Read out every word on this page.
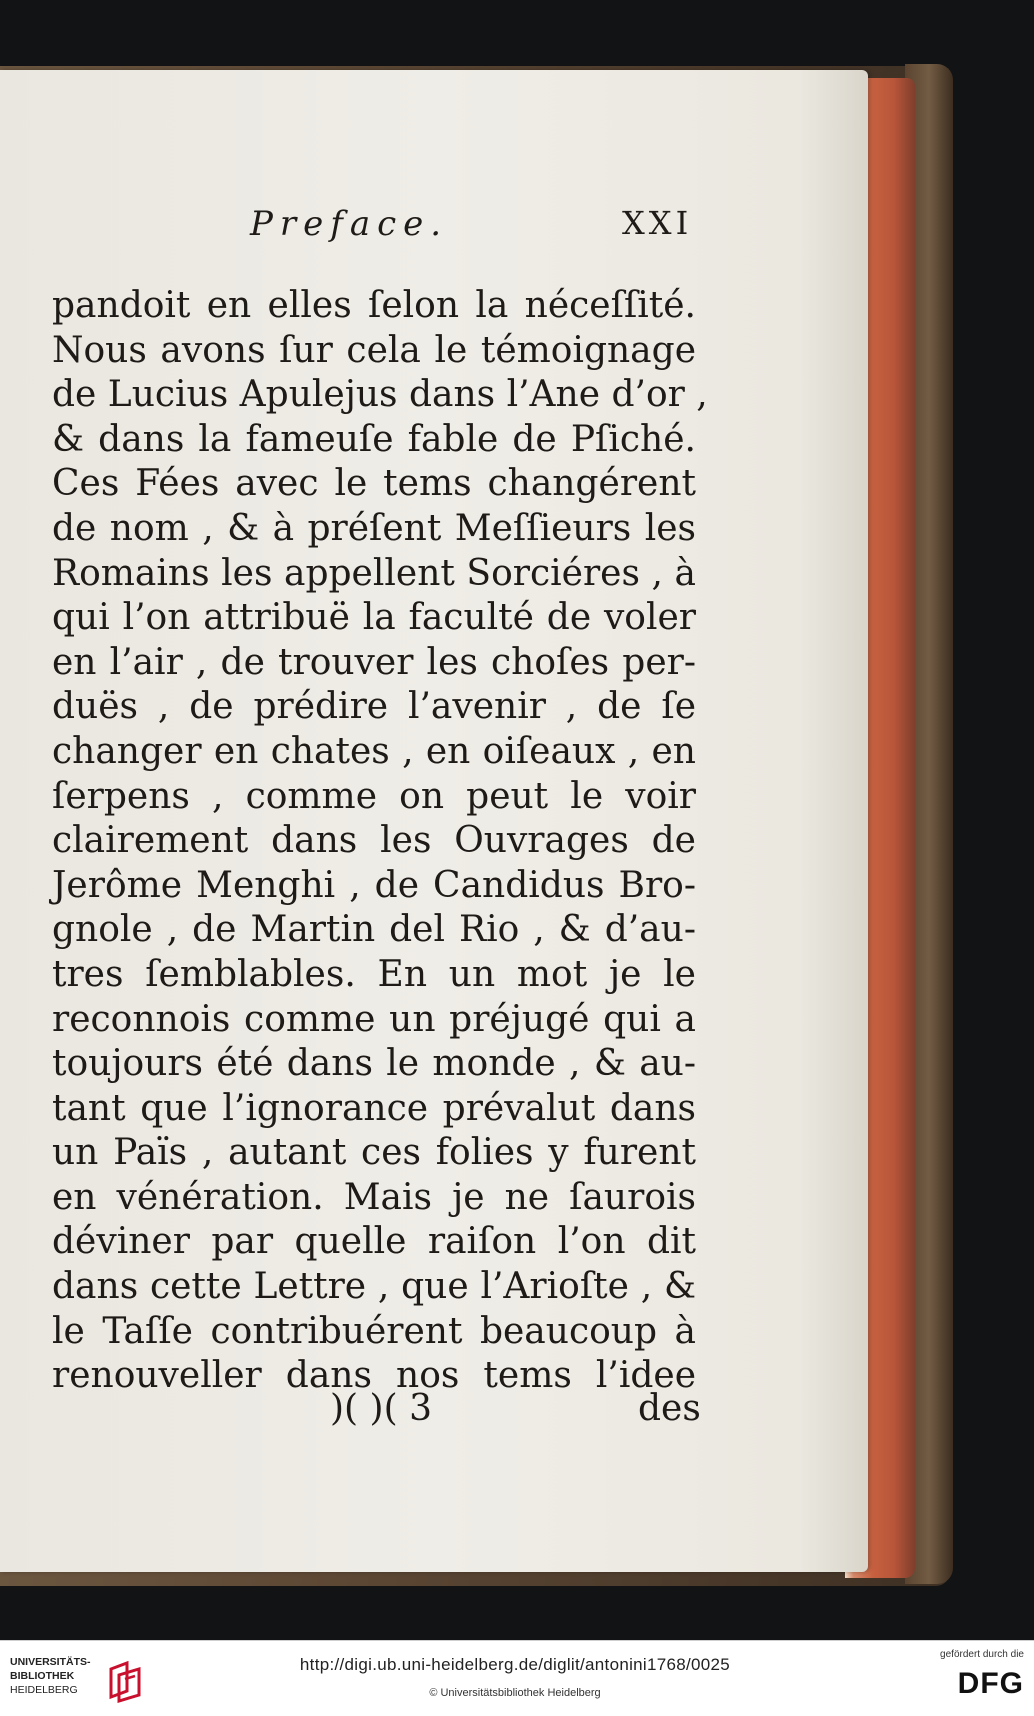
Preface.	XXI
pandoit en elles ſelon la néceſſité.
Nous avons ſur cela le témoignage
de Lucius Apulejus dans l’Ane d’or ,
& dans la fameuſe fable de Pſiché.
Ces Fées avec le tems changérent
de nom , & à préſent Meſſieurs les
Romains les appellent Sorciéres , à
qui l’on attribuë la faculté de voler
en l’air , de trouver les choſes per-
duës , de prédire l’avenir , de ſe
changer en chates , en oiſeaux , en
ſerpens , comme on peut le voir
clairement dans les Ouvrages de
Jerôme Menghi , de Candidus Bro-
gnole , de Martin del Rio , & d’au-
tres ſemblables. En un mot je le
reconnois comme un préjugé qui a
toujours été dans le monde , & au-
tant que l’ignorance prévalut dans
un Païs , autant ces folies y furent
en vénération. Mais je ne ſaurois
déviner par quelle raiſon l’on dit
dans cette Lettre , que l’Arioſte , &
le Taſſe contribuérent beaucoup à
renouveller dans nos tems l’idee
)( )( 3	des
UNIVERSITÄTS-
BIBLIOTHEK
HEIDELBERG
http://digi.ub.uni-heidelberg.de/diglit/antonini1768/0025
© Universitätsbibliothek Heidelberg
gefördert durch die
DFG
